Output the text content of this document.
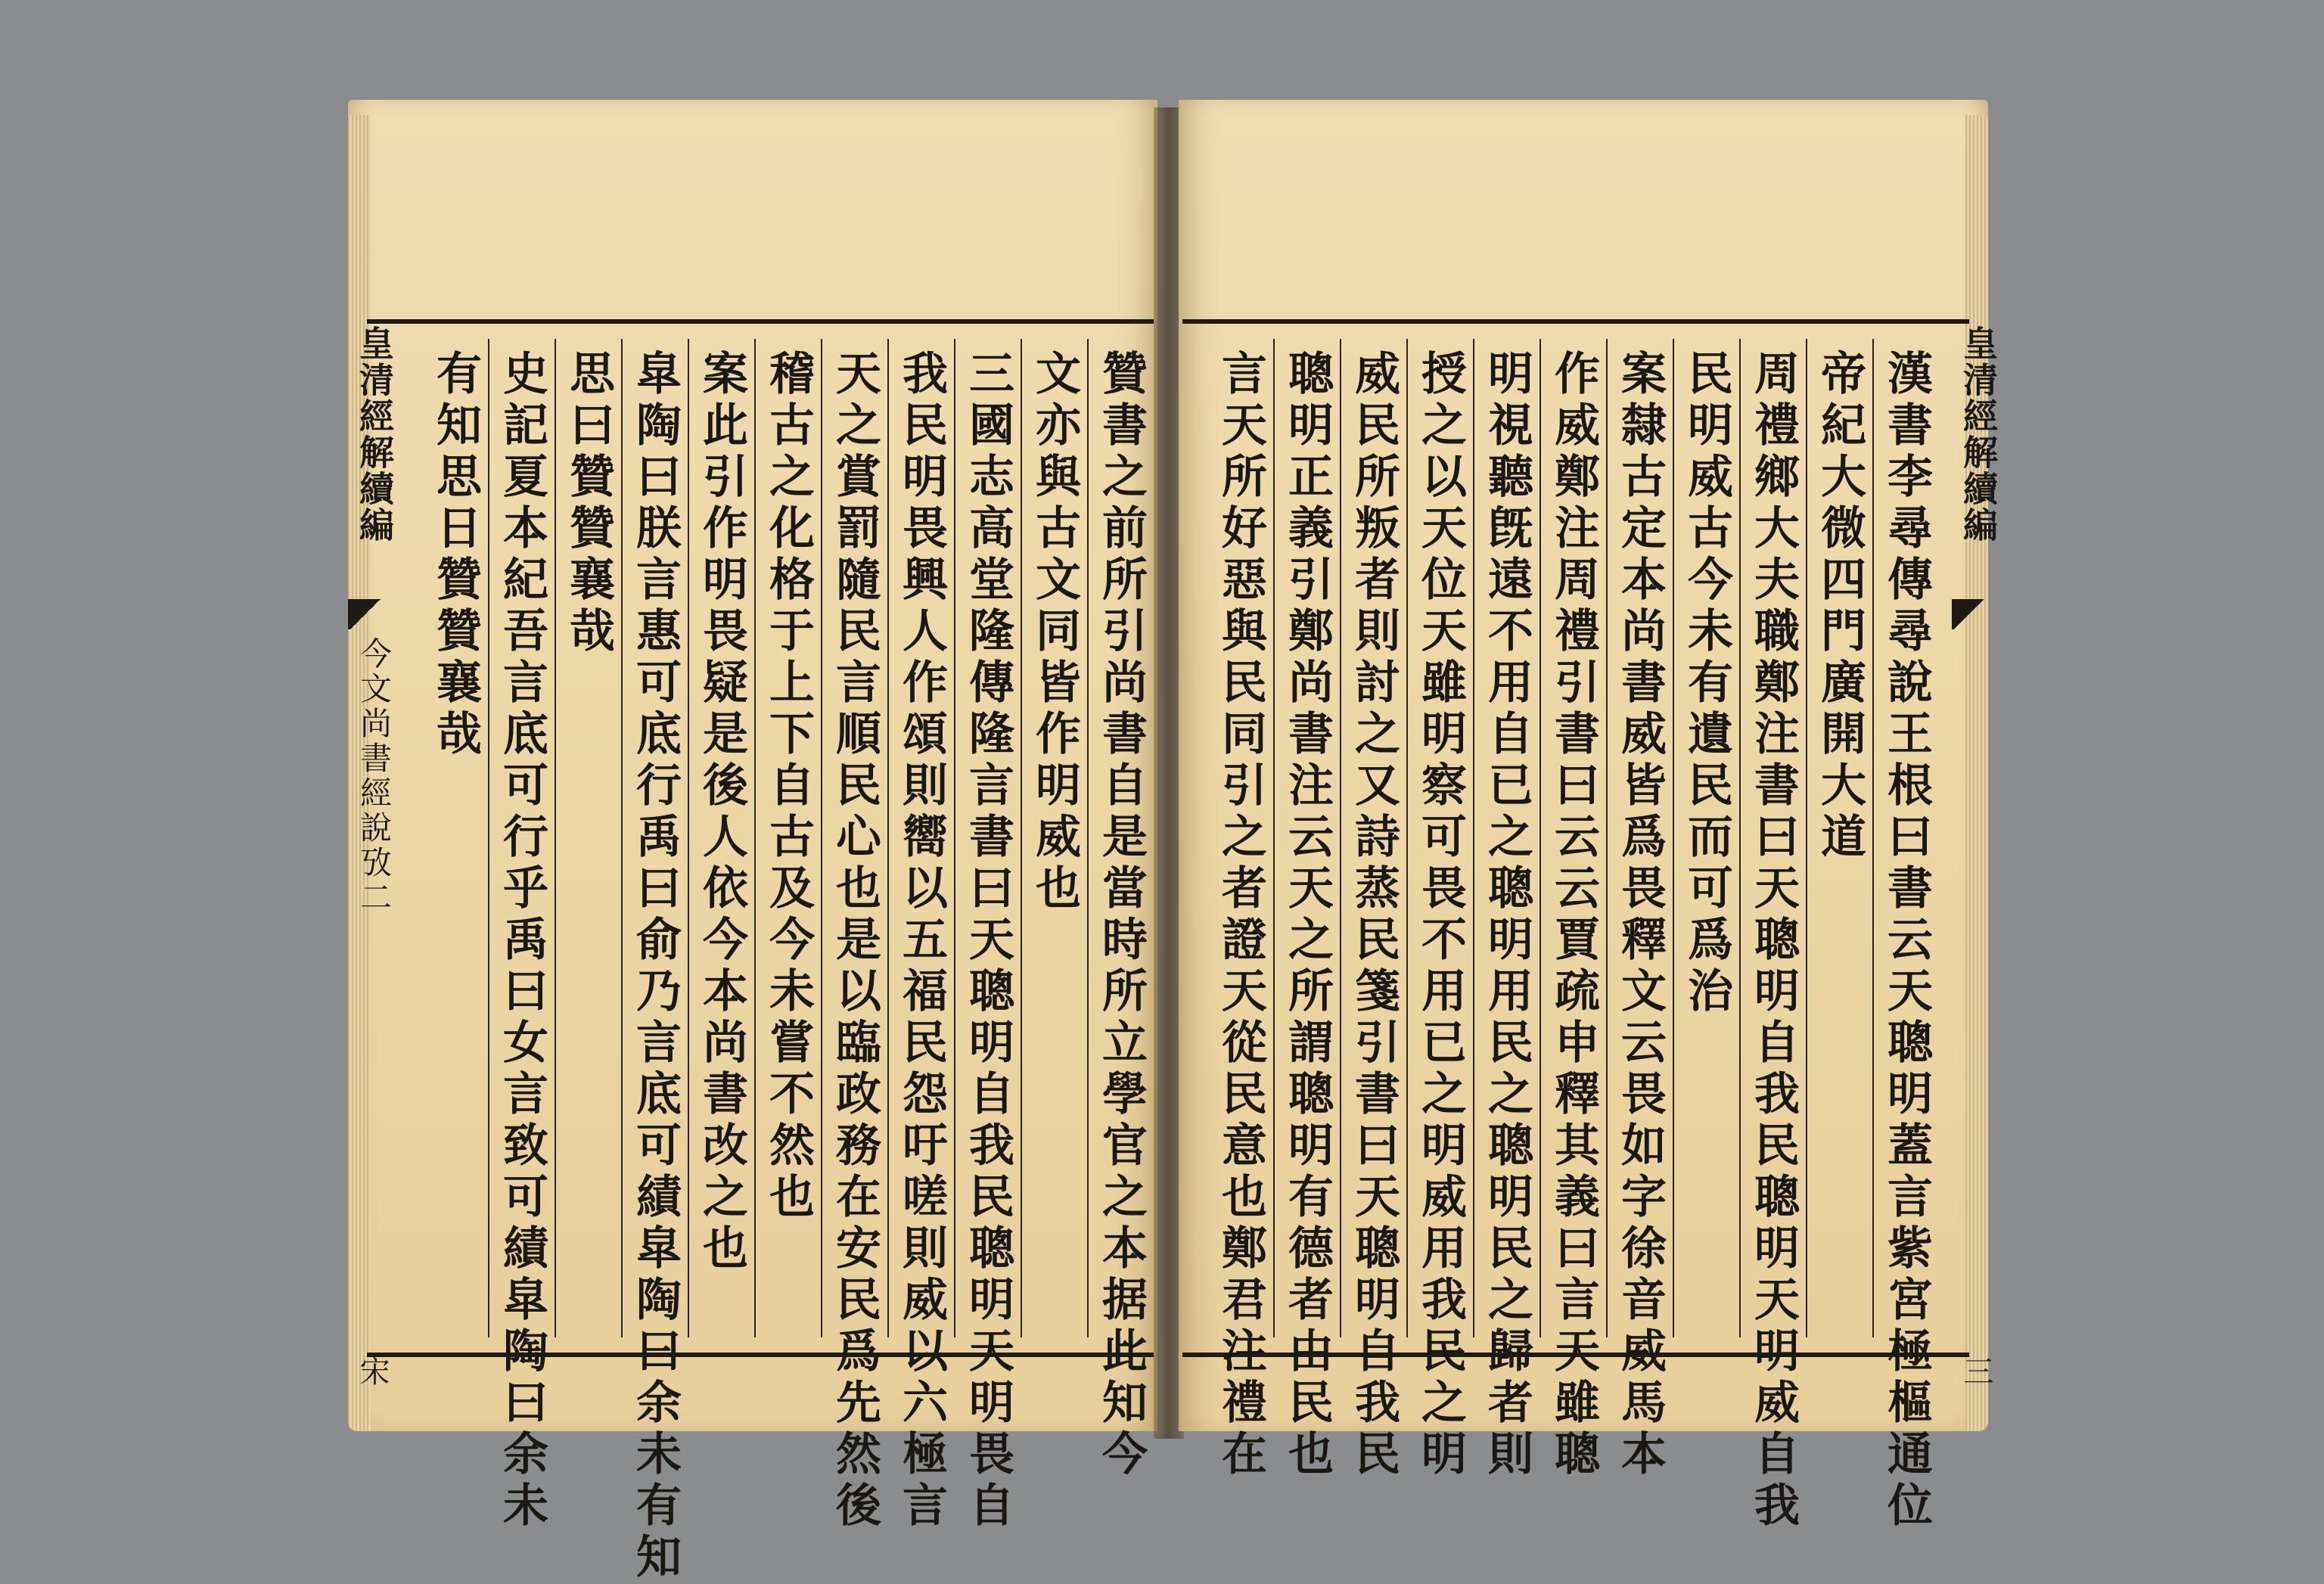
贊書之前所引尚書自是當時所立學官之本据此知今
文亦與古文同皆作明威也
三國志高堂隆傳隆言書曰天聰明自我民聰明天明畏自
我民明畏興人作頌則嚮以五福民怨吁嗟則威以六極言
天之賞罰隨民言順民心也是以臨政務在安民爲先然後
稽古之化格于上下自古及今未嘗不然也
案此引作明畏疑是後人依今本尚書改之也
皐陶曰朕言惠可底行禹曰俞乃言底可績皐陶曰余未有知
思曰贊贊襄哉
史記夏本紀吾言底可行乎禹曰女言致可績皐陶曰余未
有知思日贊贊襄哉
皇清經解續編
今文尚書經說攷二
宋	漢書李尋傳尋說王根曰書云天聰明蓋言紫宮極樞通位
帝紀大微四門廣開大道
周禮鄉大夫職鄭注書曰天聰明自我民聰明天明威自我
民明威古今未有遺民而可爲治
案隸古定本尚書威皆爲畏釋文云畏如字徐音威馬本
作威鄭注周禮引書曰云云賈疏申釋其義曰言天雖聰
明視聽旣遠不用自已之聰明用民之聰明民之歸者則
授之以天位天雖明察可畏不用已之明威用我民之明
威民所叛者則討之又詩蒸民箋引書曰天聰明自我民
聰明正義引鄭尚書注云天之所謂聰明有德者由民也
言天所好惡與民同引之者證天從民意也鄭君注禮在	皇清經解續編
三
